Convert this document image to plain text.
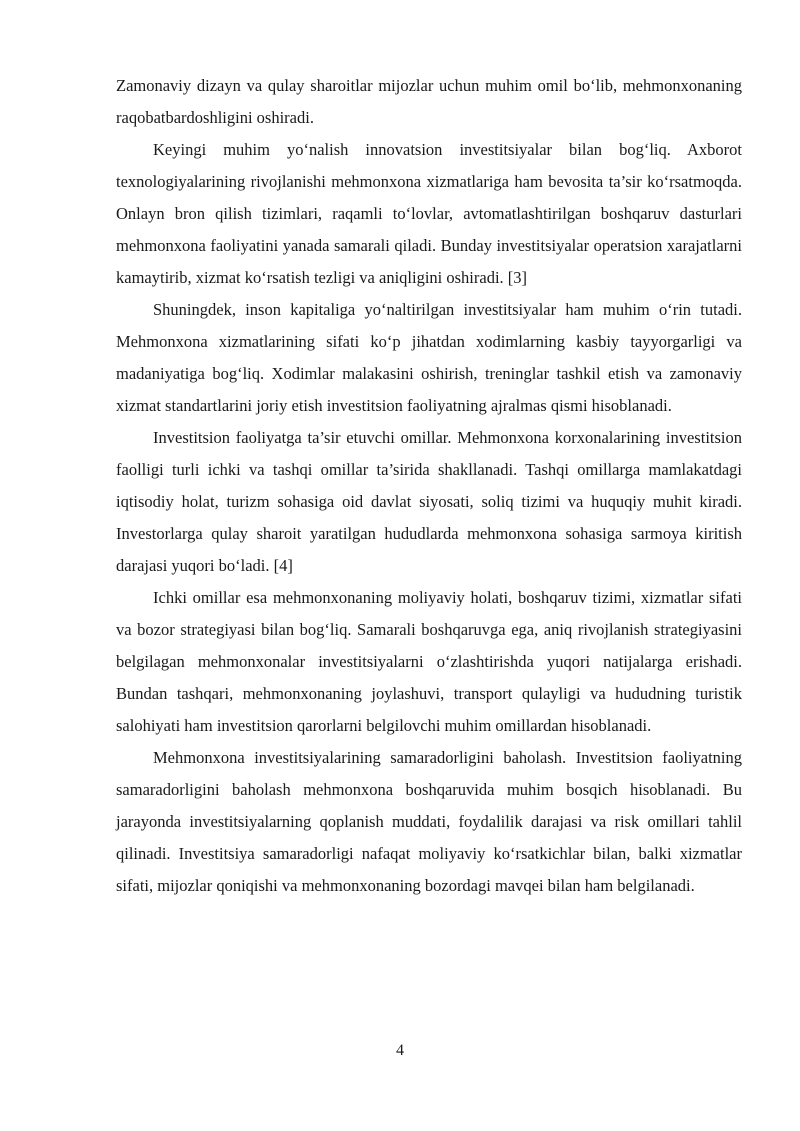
Zamonaviy dizayn va qulay sharoitlar mijozlar uchun muhim omil bo‘lib, mehmonxonaning raqobatbardoshligini oshiradi.

Keyingi muhim yo‘nalish innovatsion investitsiyalar bilan bog‘liq. Axborot texnologiyalarining rivojlanishi mehmonxona xizmatlariga ham bevosita ta’sir ko‘rsatmoqda. Onlayn bron qilish tizimlari, raqamli to‘lovlar, avtomatlashtirilgan boshqaruv dasturlari mehmonxona faoliyatini yanada samarali qiladi. Bunday investitsiyalar operatsion xarajatlarni kamaytirib, xizmat ko‘rsatish tezligi va aniqligini oshiradi. [3]

Shuningdek, inson kapitaliga yo‘naltirilgan investitsiyalar ham muhim o‘rin tutadi. Mehmonxona xizmatlarining sifati ko‘p jihatdan xodimlarning kasbiy tayyorgarligi va madaniyatiga bog‘liq. Xodimlar malakasini oshirish, treninglar tashkil etish va zamonaviy xizmat standartlarini joriy etish investitsion faoliyatning ajralmas qismi hisoblanadi.

Investitsion faoliyatga ta’sir etuvchi omillar. Mehmonxona korxonalarining investitsion faolligi turli ichki va tashqi omillar ta’sirida shakllanadi. Tashqi omillarga mamlakatdagi iqtisodiy holat, turizm sohasiga oid davlat siyosati, soliq tizimi va huquqiy muhit kiradi. Investorlarga qulay sharoit yaratilgan hududlarda mehmonxona sohasiga sarmoya kiritish darajasi yuqori bo‘ladi. [4]

Ichki omillar esa mehmonxonaning moliyaviy holati, boshqaruv tizimi, xizmatlar sifati va bozor strategiyasi bilan bog‘liq. Samarali boshqaruvga ega, aniq rivojlanish strategiyasini belgilagan mehmonxonalar investitsiyalarni o‘zlashtirishda yuqori natijalarga erishadi. Bundan tashqari, mehmonxonaning joylashuvi, transport qulayligi va hududning turistik salohiyati ham investitsion qarorlarni belgilovchi muhim omillardan hisoblanadi.

Mehmonxona investitsiyalarining samaradorligini baholash. Investitsion faoliyatning samaradorligini baholash mehmonxona boshqaruvida muhim bosqich hisoblanadi. Bu jarayonda investitsiyalarning qoplanish muddati, foydalilik darajasi va risk omillari tahlil qilinadi. Investitsiya samaradorligi nafaqat moliyaviy ko‘rsatkichlar bilan, balki xizmatlar sifati, mijozlar qoniqishi va mehmonxonaning bozordagi mavqei bilan ham belgilanadi.

4
